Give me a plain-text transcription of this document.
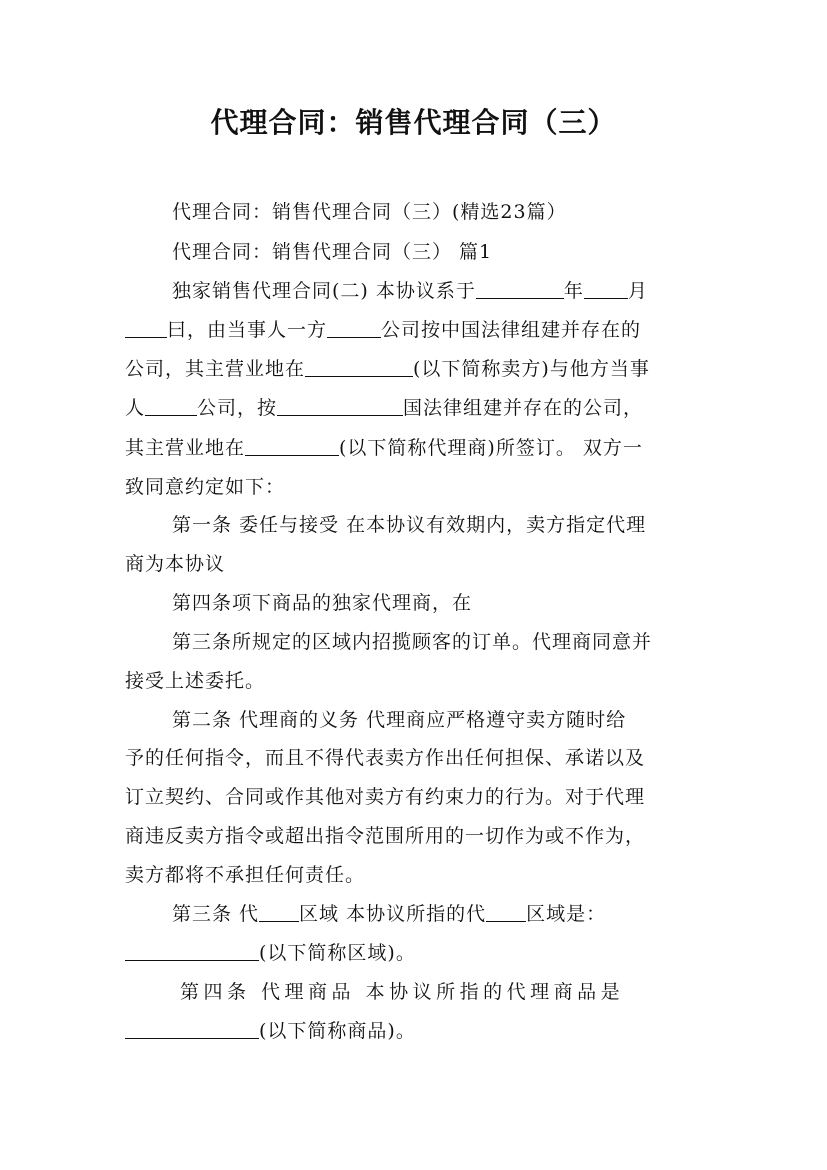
代理合同：销售代理合同（三）
代理合同：销售代理合同（三）(精选23篇）
代理合同：销售代理合同（三） 篇1
独家销售代理合同(二) 本协议系于	年 月
曰，由当事人一方	公司按中国法律组建并存在的
公司，其主营业地在	(以下简称卖方)与他方当事
人	公司，按	国法律组建并存在的公司，
其主营业地在	(以下简称代理商)所签订。 双方一
致同意约定如下：
第一条 委任与接受 在本协议有效期内，卖方指定代理
商为本协议
第四条项下商品的独家代理商，在
第三条所规定的区域内招揽顾客的订单。代理商同意并
接受上述委托。
第二条 代理商的义务 代理商应严格遵守卖方随时给
予的任何指令，而且不得代表卖方作出任何担保、承诺以及
订立契约、合同或作其他对卖方有约束力的行为。对于代理
商违反卖方指令或超出指令范围所用的一切作为或不作为，
卖方都将不承担任何责任。
第三条 代 区域 本协议所指的代 区域是：
(以下简称区域)。
第四条 代理商品 本协议所指的代理商品是
(以下简称商品)。
